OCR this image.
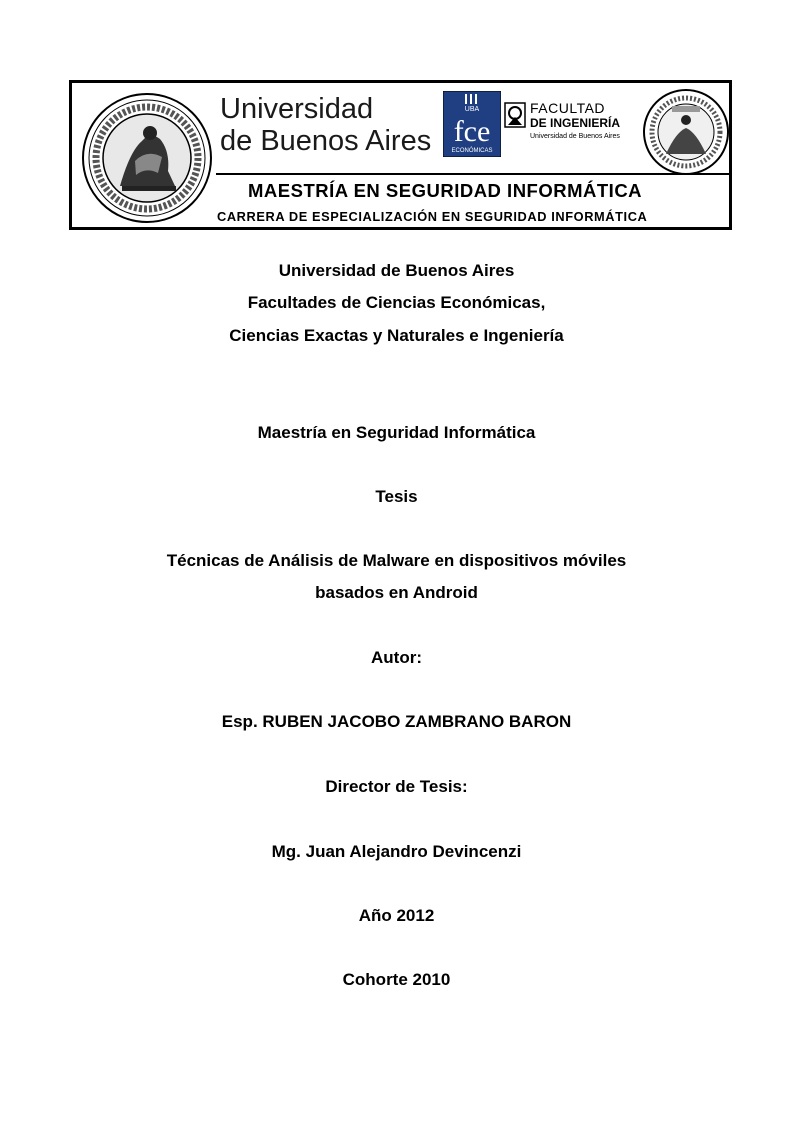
Universidad
de Buenos Aires
UBA
fce
ECONÓMICAS
FACULTAD
DE INGENIERÍA
Universidad de Buenos Aires
MAESTRÍA EN SEGURIDAD INFORMÁTICA
CARRERA DE ESPECIALIZACIÓN EN SEGURIDAD INFORMÁTICA
Universidad de Buenos Aires
Facultades de Ciencias Económicas,
Ciencias Exactas y Naturales e Ingeniería
Maestría en Seguridad Informática
Tesis
Técnicas de Análisis de Malware en dispositivos móviles
basados en Android
Autor:
Esp. RUBEN JACOBO ZAMBRANO BARON
Director de Tesis:
Mg. Juan Alejandro Devincenzi
Año 2012
Cohorte 2010
